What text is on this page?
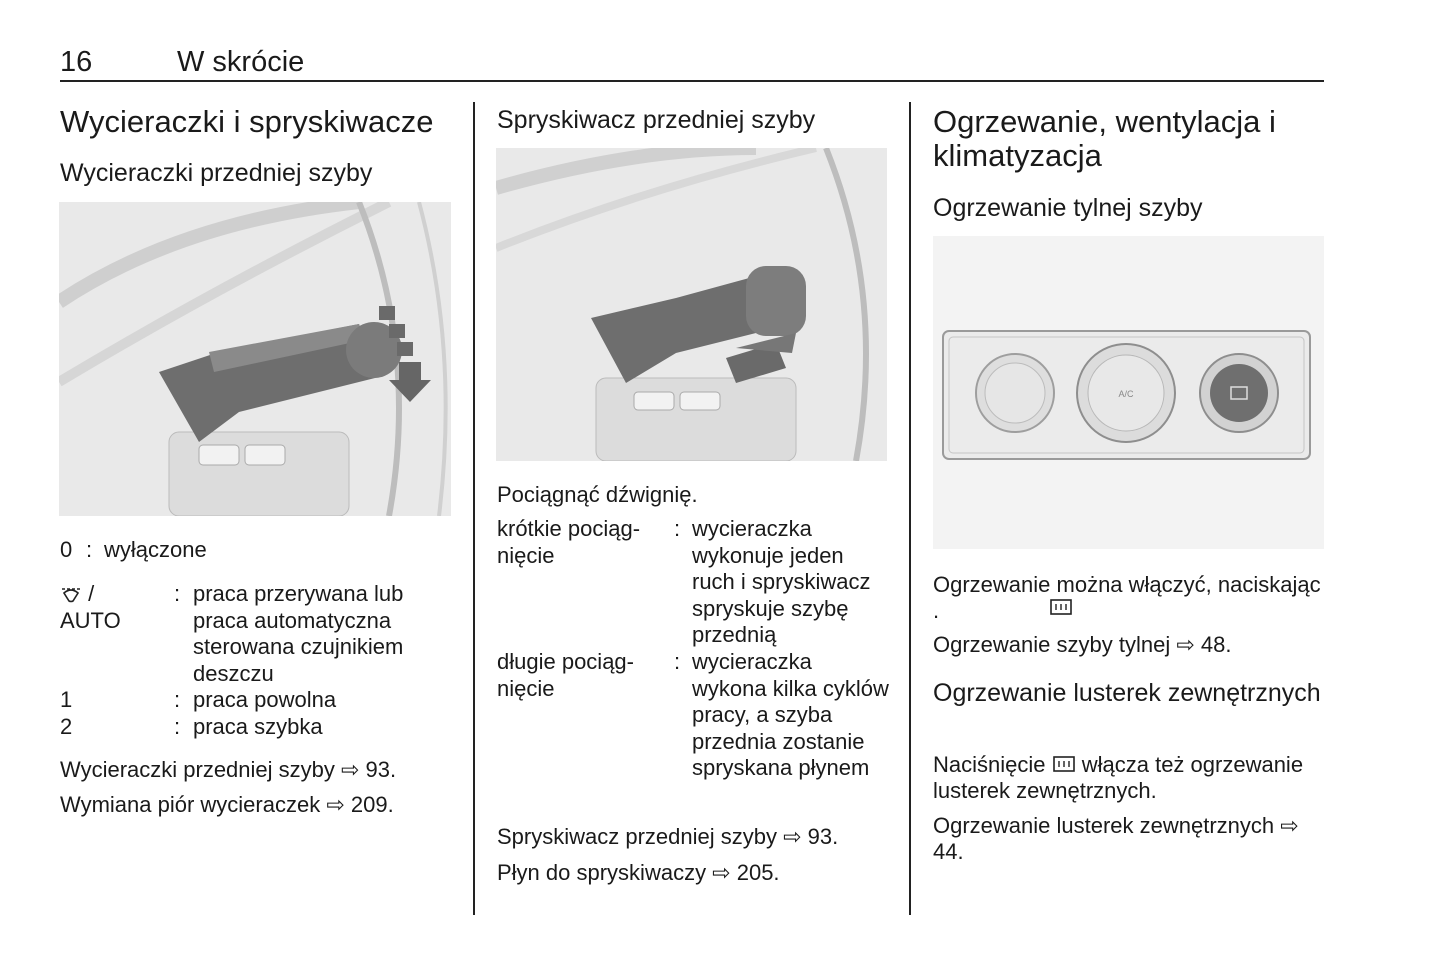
16	W skrócie
Wycieraczki i spryskiwacze
Wycieraczki przedniej szyby
0 : wyłączone
/
AUTO
: praca przerywana lub praca automatyczna sterowana czujnikiem deszczu
1	: praca powolna
2	: praca szybka
Wycieraczki przedniej szyby ⇨ 93.
Wymiana piór wycieraczek ⇨ 209.
Spryskiwacz przedniej szyby
Pociągnąć dźwignię.
krótkie pociąg-
nięcie
: wycieraczka wykonuje jeden ruch i spryskiwacz spryskuje szybę przednią
długie pociąg-
nięcie
: wycieraczka wykona kilka cyklów pracy, a szyba przednia zostanie spryskana płynem
Spryskiwacz przedniej szyby ⇨ 93.
Płyn do spryskiwaczy ⇨ 205.
Ogrzewanie, wentylacja i klimatyzacja
Ogrzewanie tylnej szyby
A/C
Ogrzewanie można włączyć, naciskając .
Ogrzewanie szyby tylnej ⇨ 48.
Ogrzewanie lusterek zewnętrznych
Naciśnięcie  włącza też ogrzewanie lusterek zewnętrznych.
Ogrzewanie lusterek zewnętrznych ⇨ 44.
